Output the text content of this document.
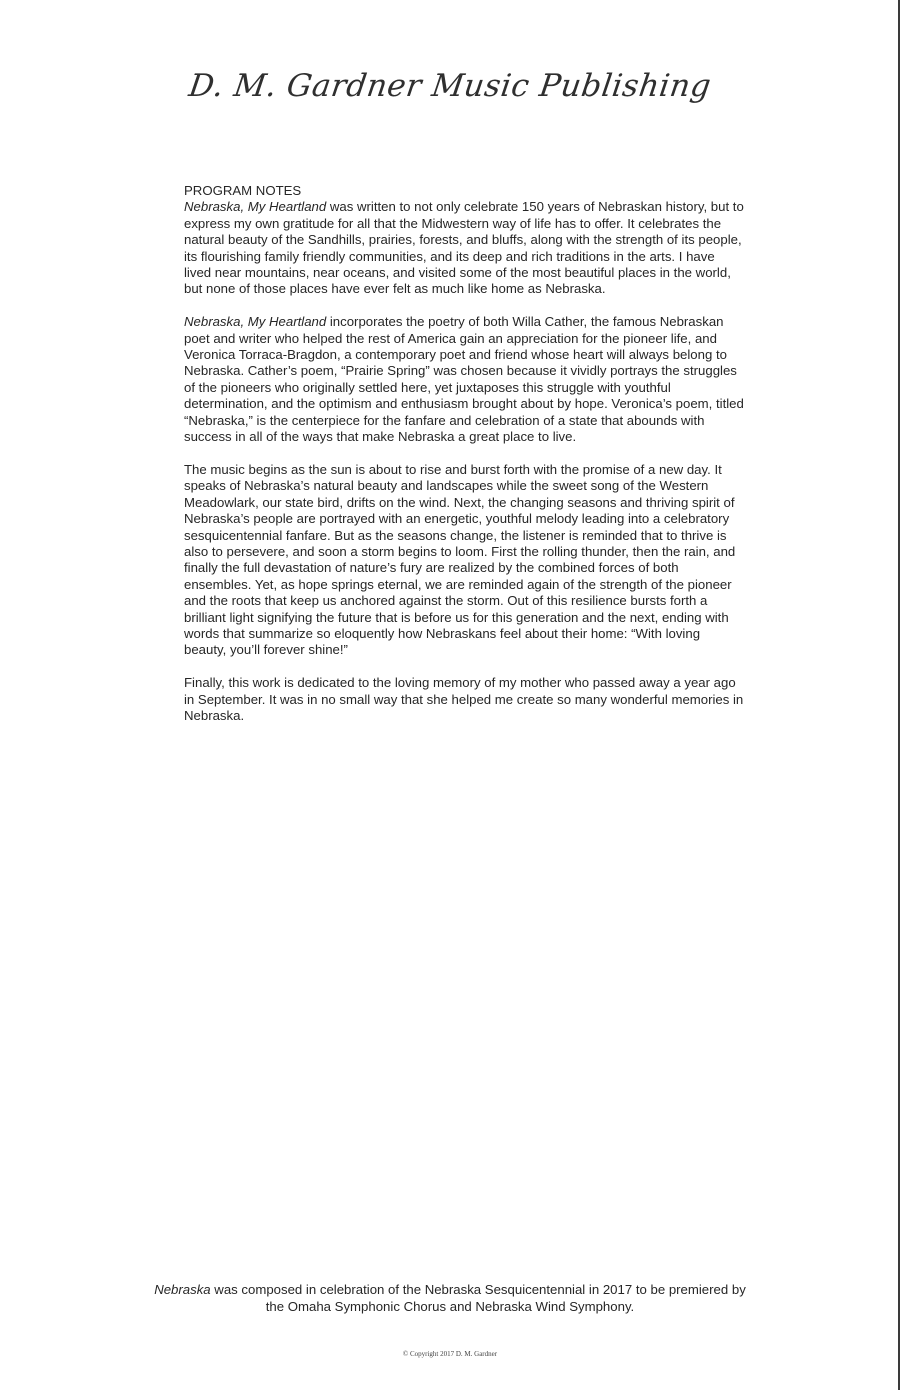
D. M. Gardner Music Publishing
PROGRAM NOTES

Nebraska, My Heartland was written to not only celebrate 150 years of Nebraskan history, but to express my own gratitude for all that the Midwestern way of life has to offer. It celebrates the natural beauty of the Sandhills, prairies, forests, and bluffs, along with the strength of its people, its flourishing family friendly communities, and its deep and rich traditions in the arts. I have lived near mountains, near oceans, and visited some of the most beautiful places in the world, but none of those places have ever felt as much like home as Nebraska.

Nebraska, My Heartland incorporates the poetry of both Willa Cather, the famous Nebraskan poet and writer who helped the rest of America gain an appreciation for the pioneer life, and Veronica Torraca-Bragdon, a contemporary poet and friend whose heart will always belong to Nebraska. Cather’s poem, “Prairie Spring” was chosen because it vividly portrays the struggles of the pioneers who originally settled here, yet juxtaposes this struggle with youthful determination, and the optimism and enthusiasm brought about by hope. Veronica’s poem, titled “Nebraska,” is the centerpiece for the fanfare and celebration of a state that abounds with success in all of the ways that make Nebraska a great place to live.

The music begins as the sun is about to rise and burst forth with the promise of a new day. It speaks of Nebraska’s natural beauty and landscapes while the sweet song of the Western Meadowlark, our state bird, drifts on the wind. Next, the changing seasons and thriving spirit of Nebraska’s people are portrayed with an energetic, youthful melody leading into a celebratory sesquicentennial fanfare. But as the seasons change, the listener is reminded that to thrive is also to persevere, and soon a storm begins to loom. First the rolling thunder, then the rain, and finally the full devastation of nature’s fury are realized by the combined forces of both ensembles. Yet, as hope springs eternal, we are reminded again of the strength of the pioneer and the roots that keep us anchored against the storm. Out of this resilience bursts forth a brilliant light signifying the future that is before us for this generation and the next, ending with words that summarize so eloquently how Nebraskans feel about their home: “With loving beauty, you’ll forever shine!”

Finally, this work is dedicated to the loving memory of my mother who passed away a year ago in September. It was in no small way that she helped me create so many wonderful memories in Nebraska.

Nebraska was composed in celebration of the Nebraska Sesquicentennial in 2017 to be premiered by the Omaha Symphonic Chorus and Nebraska Wind Symphony.
© Copyright 2017 D. M. Gardner
